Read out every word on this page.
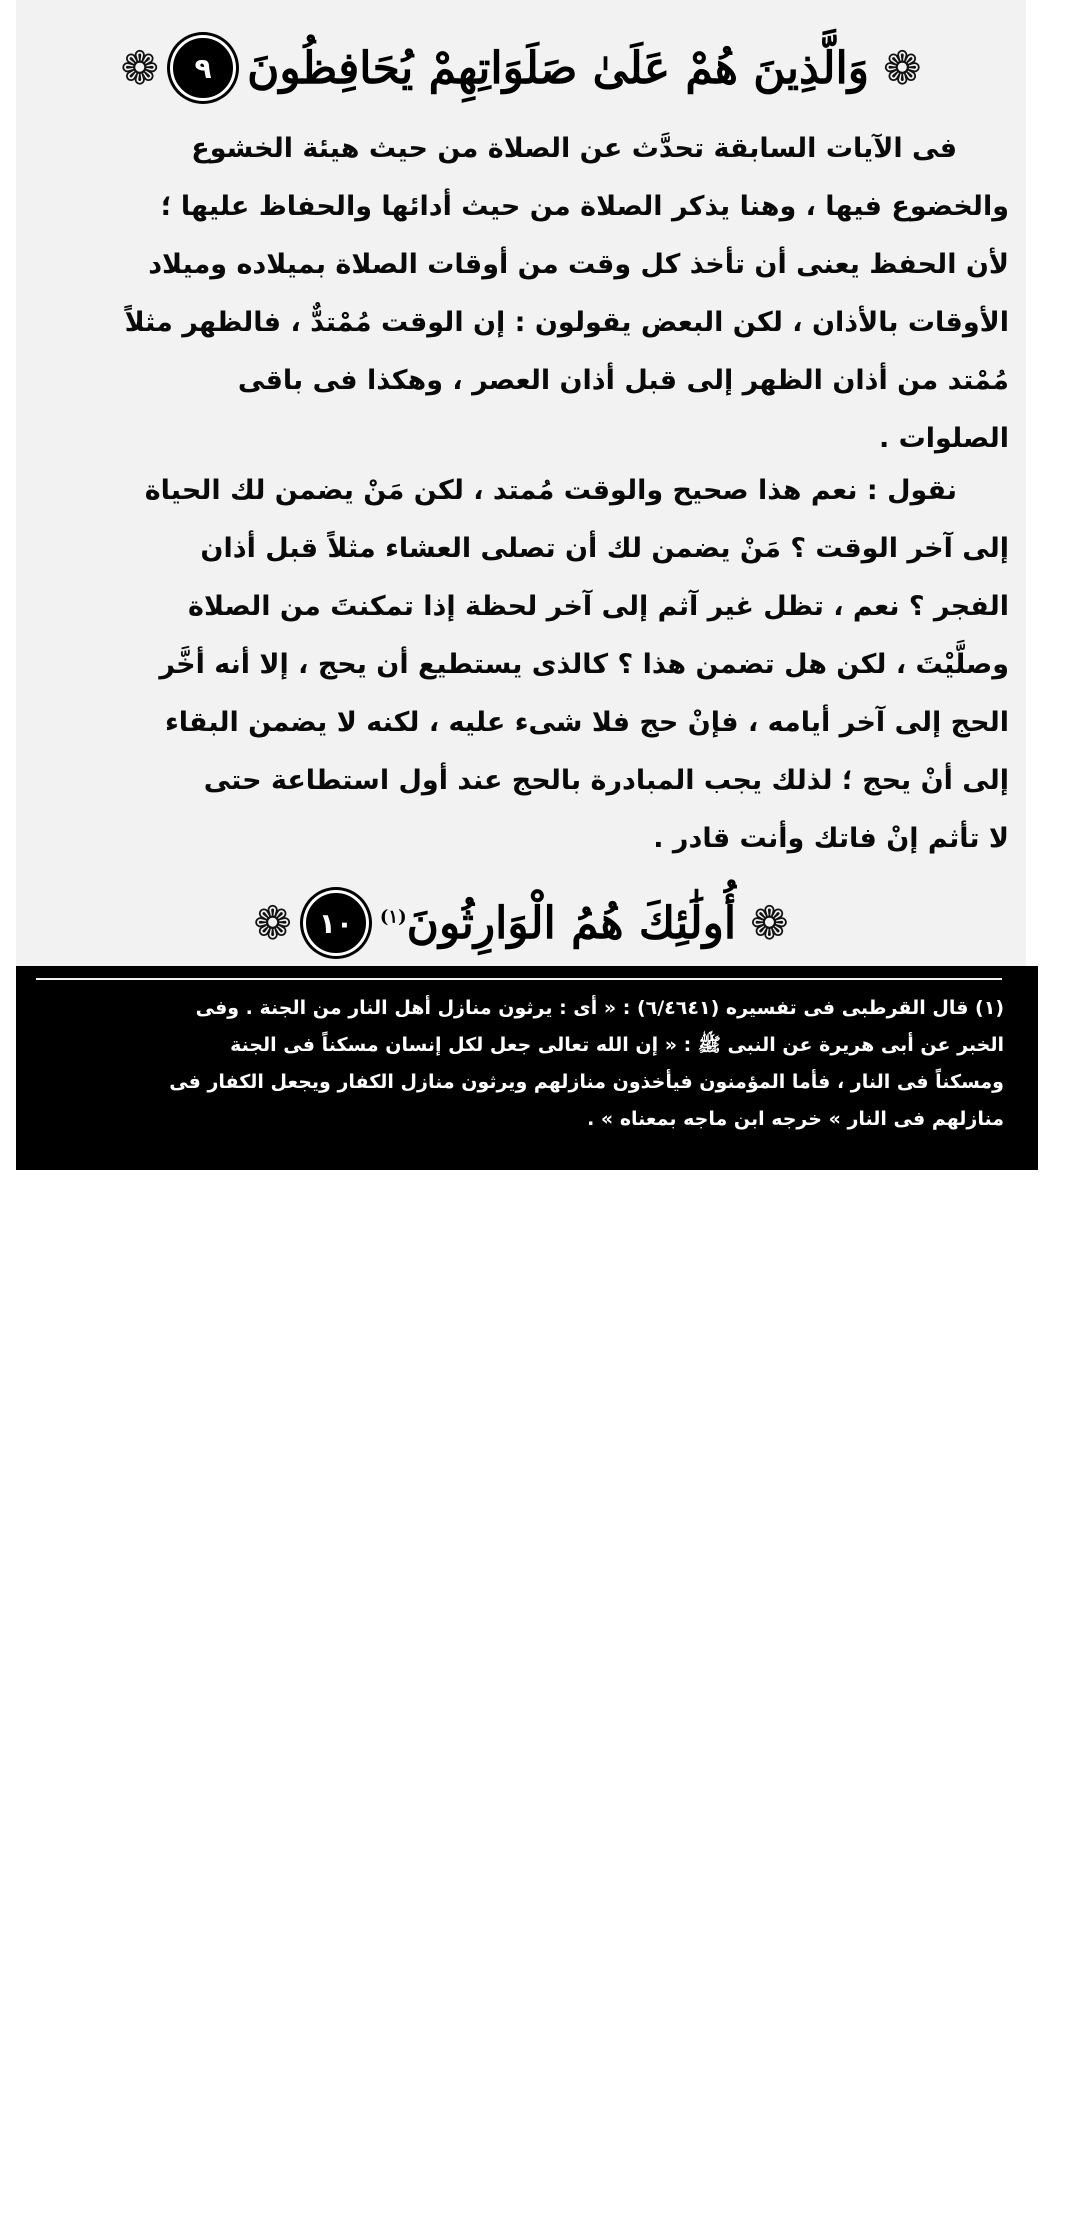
❁
وَالَّذِينَ هُمْ عَلَىٰ صَلَوَاتِهِمْ يُحَافِظُونَ
٩
❁
فى الآيات السابقة تحدَّث عن الصلاة من حيث هيئة الخشوع
والخضوع فيها ، وهنا يذكر الصلاة من حيث أدائها والحفاظ عليها ؛
لأن الحفظ يعنى أن تأخذ كل وقت من أوقات الصلاة بميلاده وميلاد
الأوقات بالأذان ، لكن البعض يقولون : إن الوقت مُمْتدٌّ ، فالظهر مثلاً
مُمْتد من أذان الظهر إلى قبل أذان العصر ، وهكذا فى باقى
الصلوات .
نقول : نعم هذا صحيح والوقت مُمتد ، لكن مَنْ يضمن لك الحياة
إلى آخر الوقت ؟ مَنْ يضمن لك أن تصلى العشاء مثلاً قبل أذان
الفجر ؟ نعم ، تظل غير آثم إلى آخر لحظة إذا تمكنتَ من الصلاة
وصلَّيْتَ ، لكن هل تضمن هذا ؟ كالذى يستطيع أن يحج ، إلا أنه أخَّر
الحج إلى آخر أيامه ، فإنْ حج فلا شىء عليه ، لكنه لا يضمن البقاء
إلى أنْ يحج ؛ لذلك يجب المبادرة بالحج عند أول استطاعة حتى
لا تأثم إنْ فاتك وأنت قادر .
❁
أُولَٰئِكَ هُمُ الْوَارِثُونَ$^{(١)}$
١٠
❁
(١) قال القرطبى فى تفسيره (٦/٤٦٤١) : « أى : يرثون منازل أهل النار من الجنة . وفى
الخبر عن أبى هريرة عن النبى ﷺ : « إن الله تعالى جعل لكل إنسان مسكناً فى الجنة
ومسكناً فى النار ، فأما المؤمنون فيأخذون منازلهم ويرثون منازل الكفار ويجعل الكفار فى
منازلهم فى النار » خرجه ابن ماجه بمعناه » .
